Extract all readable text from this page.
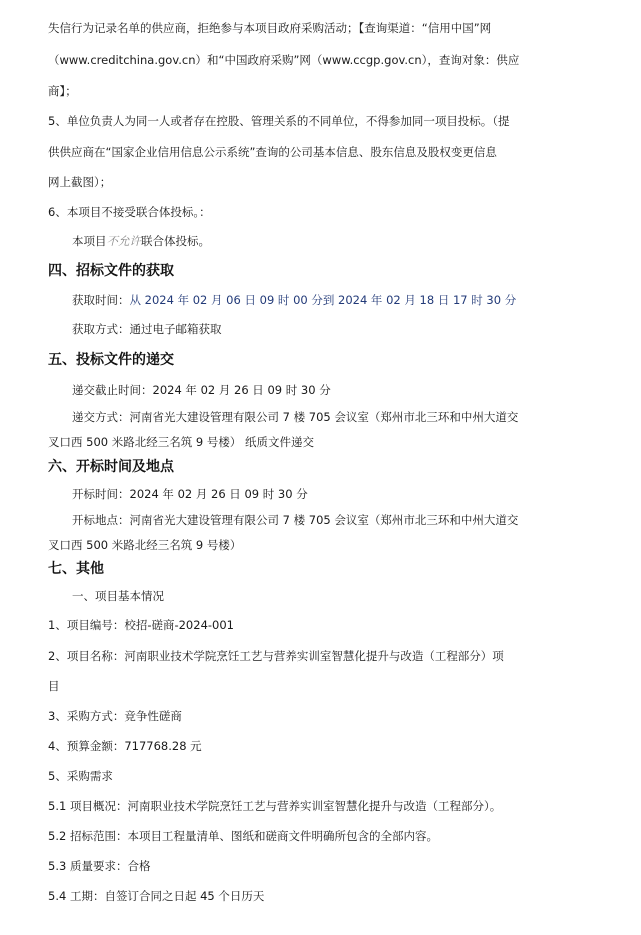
失信行为记录名单的供应商，拒绝参与本项目政府采购活动；【查询渠道：“信用中国”网
（www.creditchina.gov.cn）和“中国政府采购”网（www.ccgp.gov.cn），查询对象：供应
商】；
5、单位负责人为同一人或者存在控股、管理关系的不同单位，不得参加同一项目投标。（提
供供应商在“国家企业信用信息公示系统”查询的公司基本信息、股东信息及股权变更信息
网上截图）；
6、本项目不接受联合体投标。：
本项目不允许联合体投标。
四、招标文件的获取
获取时间：从 2024 年 02 月 06 日 09 时 00 分到 2024 年 02 月 18 日 17 时 30 分
获取方式：通过电子邮箱获取
五、投标文件的递交
递交截止时间：2024 年 02 月 26 日 09 时 30 分
递交方式：河南省光大建设管理有限公司 7 楼 705 会议室（郑州市北三环和中州大道交
叉口西 500 米路北经三名筑 9 号楼） 纸质文件递交
六、开标时间及地点
开标时间：2024 年 02 月 26 日 09 时 30 分
开标地点：河南省光大建设管理有限公司 7 楼 705 会议室（郑州市北三环和中州大道交
叉口西 500 米路北经三名筑 9 号楼）
七、其他
一、项目基本情况
1、项目编号：校招-磋商-2024-001
2、项目名称：河南职业技术学院烹饪工艺与营养实训室智慧化提升与改造（工程部分）项
目
3、采购方式：竞争性磋商
4、预算金额：717768.28 元
5、采购需求
5.1 项目概况：河南职业技术学院烹饪工艺与营养实训室智慧化提升与改造（工程部分）。
5.2 招标范围：本项目工程量清单、图纸和磋商文件明确所包含的全部内容。
5.3 质量要求：合格
5.4 工期：自签订合同之日起 45 个日历天
